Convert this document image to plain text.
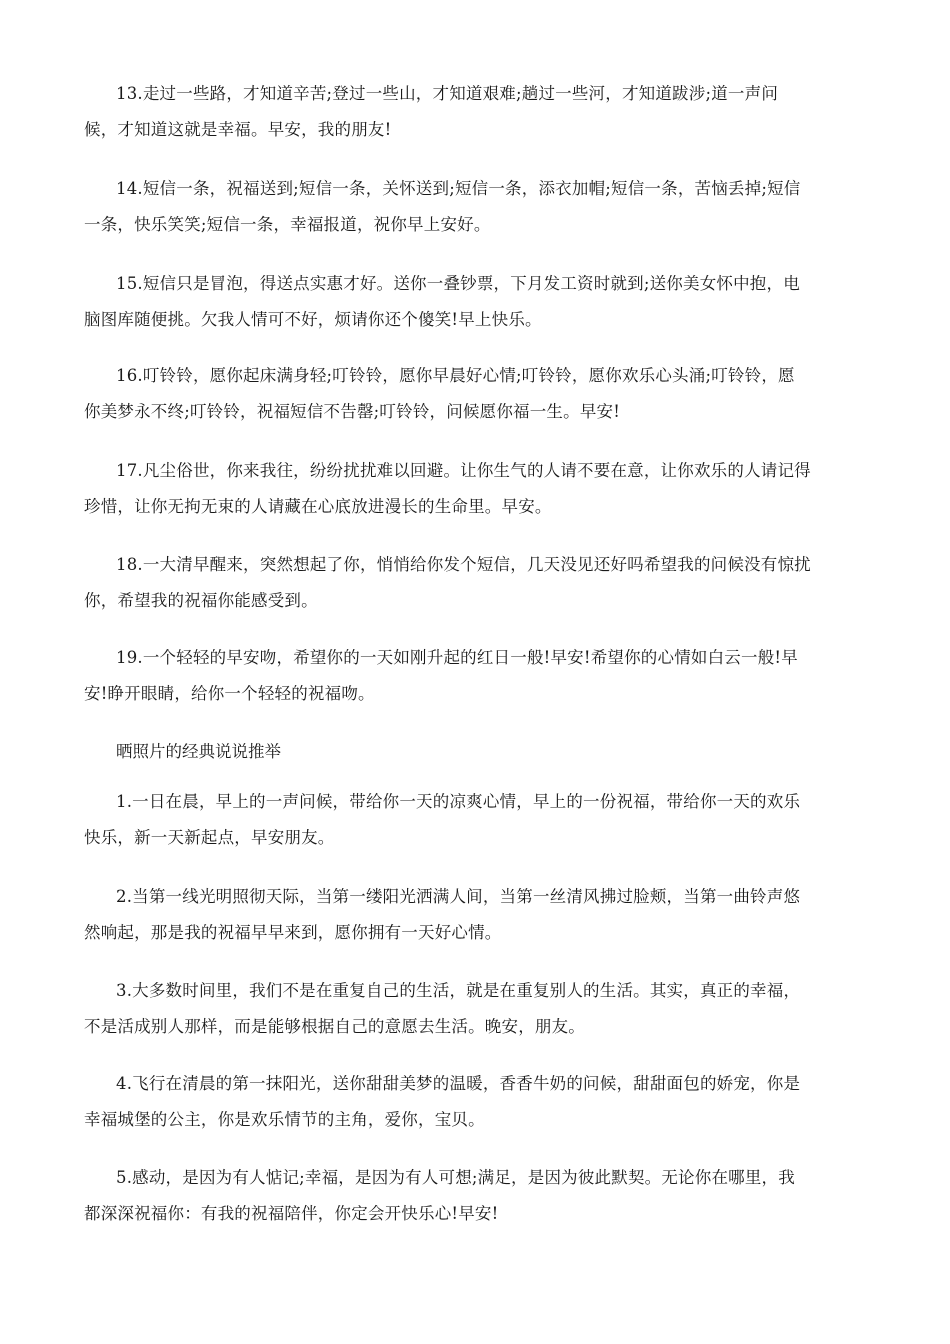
13.走过一些路，才知道辛苦;登过一些山，才知道艰难;趟过一些河，才知道跋涉;道一声问
候，才知道这就是幸福。早安，我的朋友!
14.短信一条，祝福送到;短信一条，关怀送到;短信一条，添衣加帽;短信一条，苦恼丢掉;短信
一条，快乐笑笑;短信一条，幸福报道，祝你早上安好。
15.短信只是冒泡，得送点实惠才好。送你一叠钞票，下月发工资时就到;送你美女怀中抱，电
脑图库随便挑。欠我人情可不好，烦请你还个傻笑!早上快乐。
16.叮铃铃，愿你起床满身轻;叮铃铃，愿你早晨好心情;叮铃铃，愿你欢乐心头涌;叮铃铃，愿
你美梦永不终;叮铃铃，祝福短信不告罄;叮铃铃，问候愿你福一生。早安!
17.凡尘俗世，你来我往，纷纷扰扰难以回避。让你生气的人请不要在意，让你欢乐的人请记得
珍惜，让你无拘无束的人请藏在心底放进漫长的生命里。早安。
18.一大清早醒来，突然想起了你，悄悄给你发个短信，几天没见还好吗希望我的问候没有惊扰
你，希望我的祝福你能感受到。
19.一个轻轻的早安吻，希望你的一天如刚升起的红日一般!早安!希望你的心情如白云一般!早
安!睁开眼睛，给你一个轻轻的祝福吻。
晒照片的经典说说推举
1.一日在晨，早上的一声问候，带给你一天的凉爽心情，早上的一份祝福，带给你一天的欢乐
快乐，新一天新起点，早安朋友。
2.当第一线光明照彻天际，当第一缕阳光洒满人间，当第一丝清风拂过脸颊，当第一曲铃声悠
然响起，那是我的祝福早早来到，愿你拥有一天好心情。
3.大多数时间里，我们不是在重复自己的生活，就是在重复别人的生活。其实，真正的幸福，
不是活成别人那样，而是能够根据自己的意愿去生活。晚安，朋友。
4.飞行在清晨的第一抹阳光，送你甜甜美梦的温暖，香香牛奶的问候，甜甜面包的娇宠，你是
幸福城堡的公主，你是欢乐情节的主角，爱你，宝贝。
5.感动，是因为有人惦记;幸福，是因为有人可想;满足，是因为彼此默契。无论你在哪里，我
都深深祝福你：有我的祝福陪伴，你定会开快乐心!早安!
